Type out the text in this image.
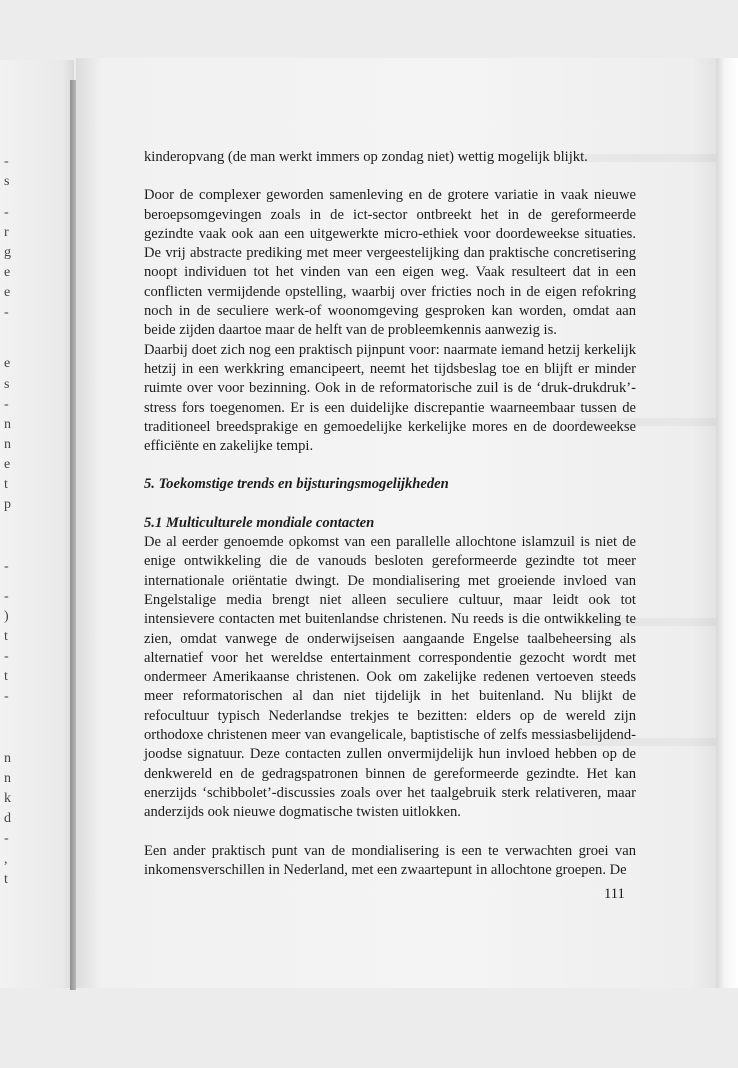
-
s
-
r
g
e
e
-
e
s
-
n
n
e
t
p
-
-
)
t
-
t
-
n
n
k
d
-
,
t

kinderopvang (de man werkt immers op zondag niet) wettig mogelijk blijkt.

Door de complexer geworden samenleving en de grotere variatie in vaak nieuwe beroepsomgevingen zoals in de ict-sector ontbreekt het in de gereformeerde gezindte vaak ook aan een uitgewerkte micro-ethiek voor doordeweekse situaties. De vrij abstracte prediking met meer vergeestelijking dan praktische concretisering noopt individuen tot het vinden van een eigen weg. Vaak resulteert dat in een conflicten vermijdende opstelling, waarbij over fricties noch in de eigen refokring noch in de seculiere werk-of woonomgeving gesproken kan worden, omdat aan beide zijden daartoe maar de helft van de probleemkennis aanwezig is.

Daarbij doet zich nog een praktisch pijnpunt voor: naarmate iemand hetzij kerkelijk hetzij in een werkkring emancipeert, neemt het tijdsbeslag toe en blijft er minder ruimte over voor bezinning. Ook in de reformatorische zuil is de ‘druk-drukdruk’-stress fors toegenomen. Er is een duidelijke discrepantie waarneembaar tussen de traditioneel breedsprakige en gemoedelijke kerkelijke mores en de doordeweekse efficiënte en zakelijke tempi.

5. Toekomstige trends en bijsturingsmogelijkheden
5.1 Multiculturele mondiale contacten

De al eerder genoemde opkomst van een parallelle allochtone islamzuil is niet de enige ontwikkeling die de vanouds besloten gereformeerde gezindte tot meer internationale oriëntatie dwingt. De mondialisering met groeiende invloed van Engelstalige media brengt niet alleen seculiere cultuur, maar leidt ook tot intensievere contacten met buitenlandse christenen. Nu reeds is die ontwikkeling te zien, omdat vanwege de onderwijseisen aangaande Engelse taalbeheersing als alternatief voor het wereldse entertainment correspondentie gezocht wordt met ondermeer Amerikaanse christenen. Ook om zakelijke redenen vertoeven steeds meer reformatorischen al dan niet tijdelijk in het buitenland. Nu blijkt de refocultuur typisch Nederlandse trekjes te bezitten: elders op de wereld zijn orthodoxe christenen meer van evangelicale, baptistische of zelfs messiasbelijdend-joodse signatuur. Deze contacten zullen onvermijdelijk hun invloed hebben op de denkwereld en de gedragspatronen binnen de gereformeerde gezindte. Het kan enerzijds ‘schibbolet’-discussies zoals over het taalgebruik sterk relativeren, maar anderzijds ook nieuwe dogmatische twisten uitlokken.

Een ander praktisch punt van de mondialisering is een te verwachten groei van inkomensverschillen in Nederland, met een zwaartepunt in allochtone groepen. De

111
